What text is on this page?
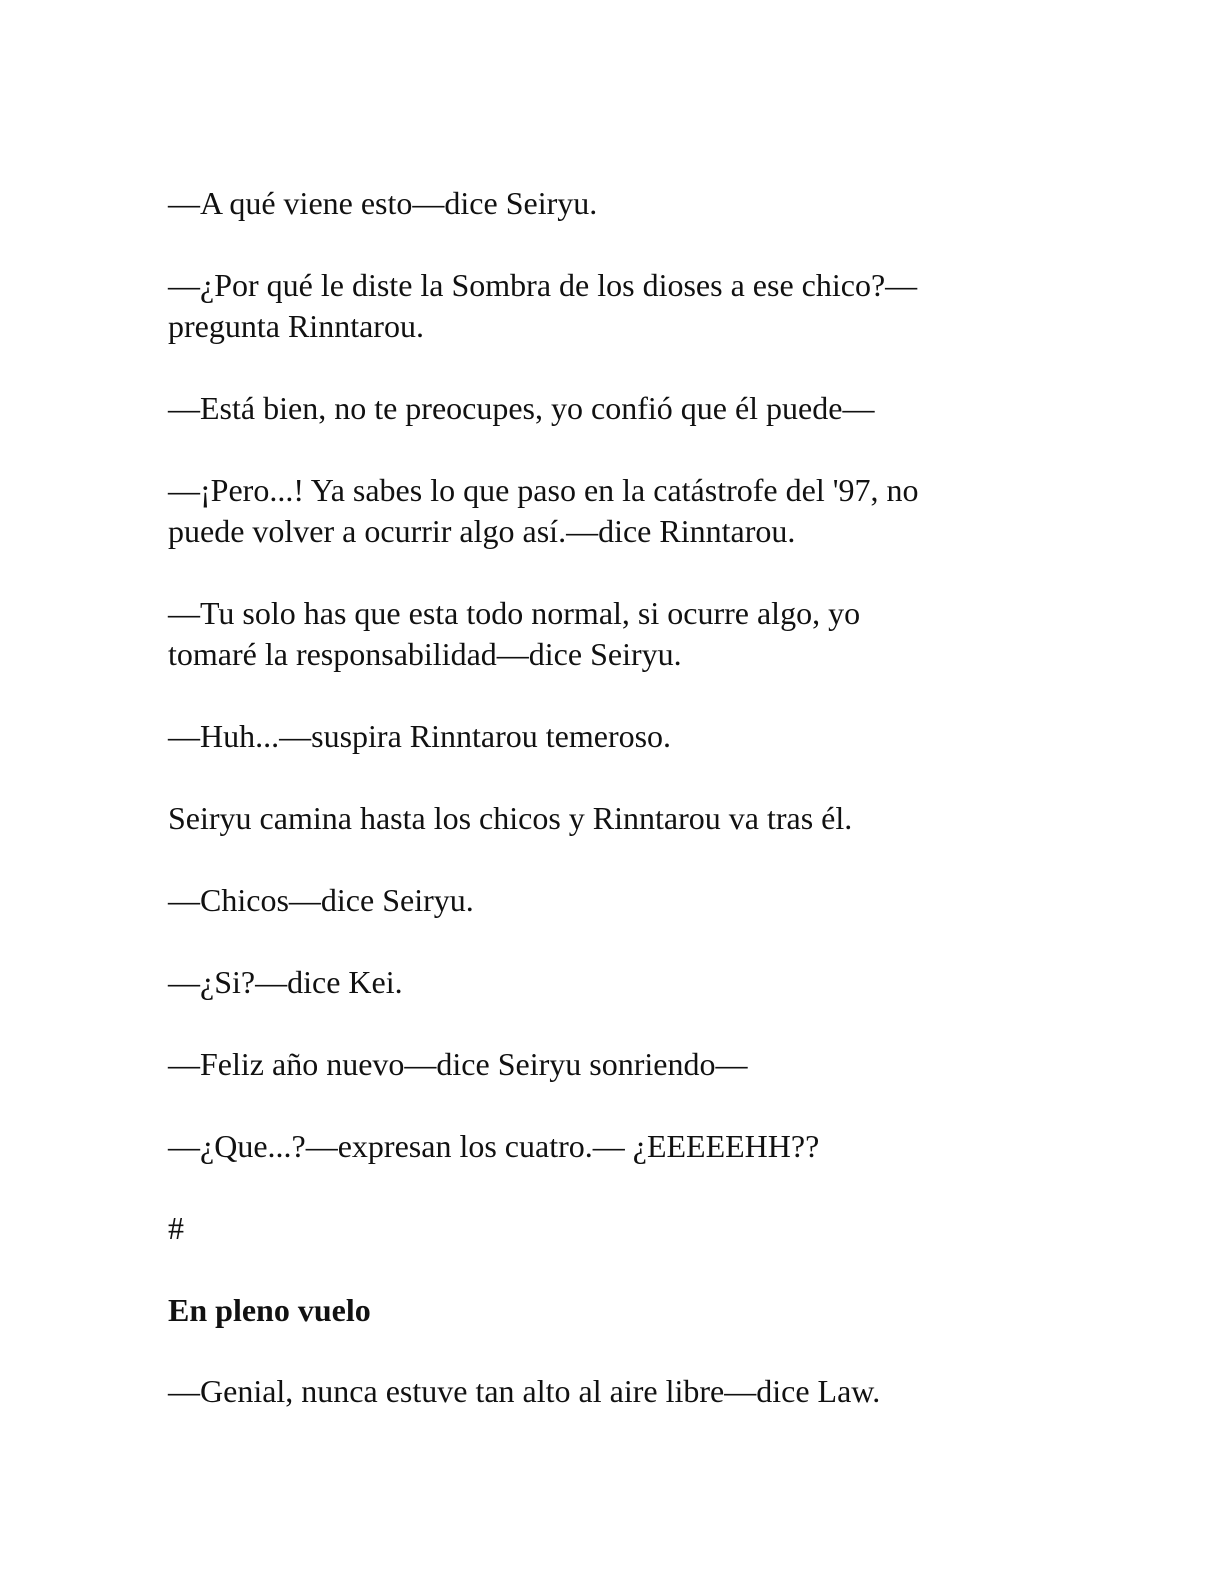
—A qué viene esto—dice Seiryu.

—¿Por qué le diste la Sombra de los dioses a ese chico?—
pregunta Rinntarou.

—Está bien, no te preocupes, yo confió que él puede—

—¡Pero...! Ya sabes lo que paso en la catástrofe del '97, no
puede volver a ocurrir algo así.—dice Rinntarou.

—Tu solo has que esta todo normal, si ocurre algo, yo
tomaré la responsabilidad—dice Seiryu.

—Huh...—suspira Rinntarou temeroso.

Seiryu camina hasta los chicos y Rinntarou va tras él.

—Chicos—dice Seiryu.

—¿Si?—dice Kei.

—Feliz año nuevo—dice Seiryu sonriendo—

—¿Que...?—expresan los cuatro.— ¿EEEEEHH??

#

En pleno vuelo

—Genial, nunca estuve tan alto al aire libre—dice Law.
